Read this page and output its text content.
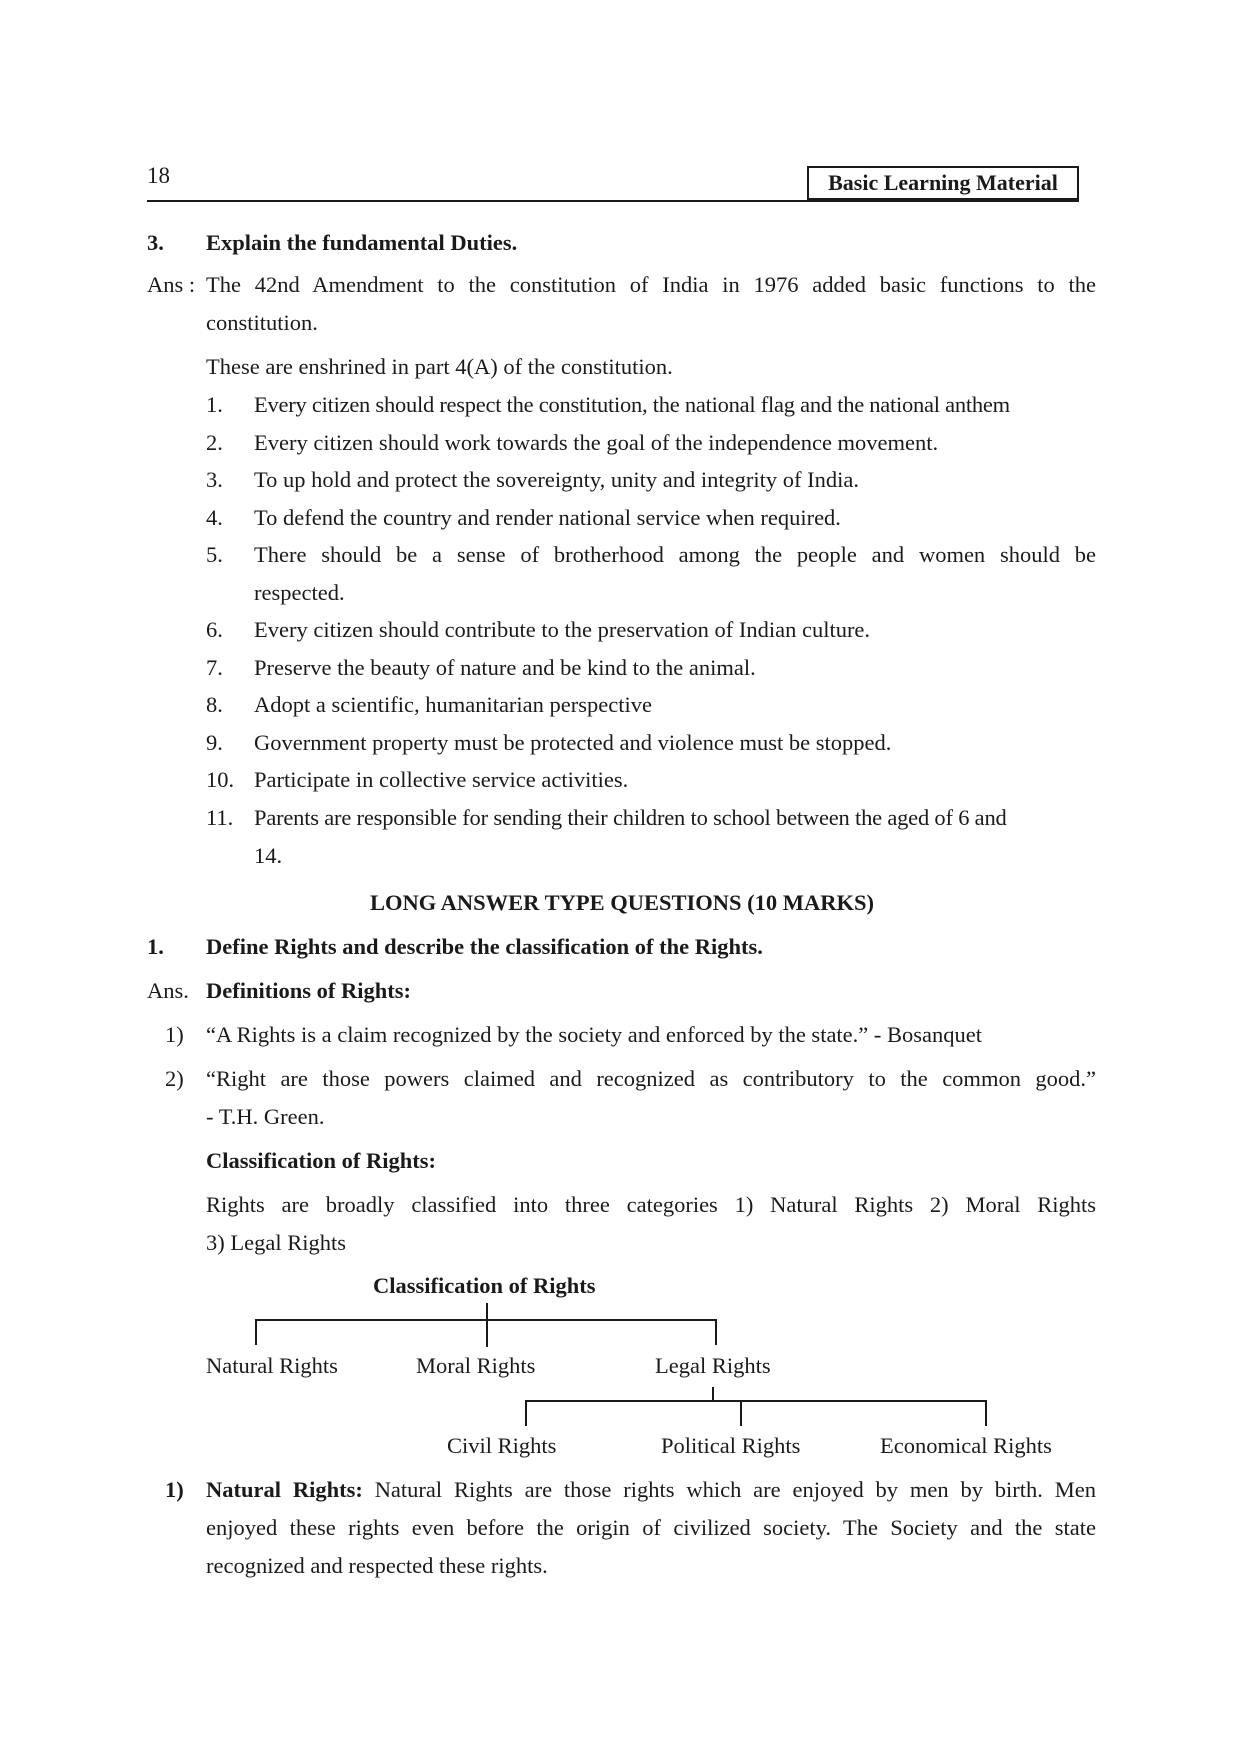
18	Basic Learning Material
3. Explain the fundamental Duties.
Ans : The 42nd Amendment to the constitution of India in 1976 added basic functions to the
constitution.
These are enshrined in part 4(A) of the constitution.
1. Every citizen should respect the constitution, the national flag and the national anthem
2. Every citizen should work towards the goal of the independence movement.
3. To up hold and protect the sovereignty, unity and integrity of India.
4. To defend the country and render national service when required.
5. There should be a sense of brotherhood among the people and women should be
respected.
6. Every citizen should contribute to the preservation of Indian culture.
7. Preserve the beauty of nature and be kind to the animal.
8. Adopt a scientific, humanitarian perspective
9. Government property must be protected and violence must be stopped.
10. Participate in collective service activities.
11. Parents are responsible for sending their children to school between the aged of 6 and
14.
LONG ANSWER TYPE QUESTIONS (10 MARKS)
1. Define Rights and describe the classification of the Rights.
Ans. Definitions of Rights:
1) “A Rights is a claim recognized by the society and enforced by the state.” - Bosanquet
2) “Right are those powers claimed and recognized as contributory to the common good.”
- T.H. Green.
Classification of Rights:
Rights are broadly classified into three categories 1) Natural Rights 2) Moral Rights
3) Legal Rights
Classification of Rights
Natural Rights	Moral Rights	Legal Rights
Civil Rights	Political Rights	Economical Rights
1) Natural Rights: Natural Rights are those rights which are enjoyed by men by birth. Men
enjoyed these rights even before the origin of civilized society. The Society and the state
recognized and respected these rights.
